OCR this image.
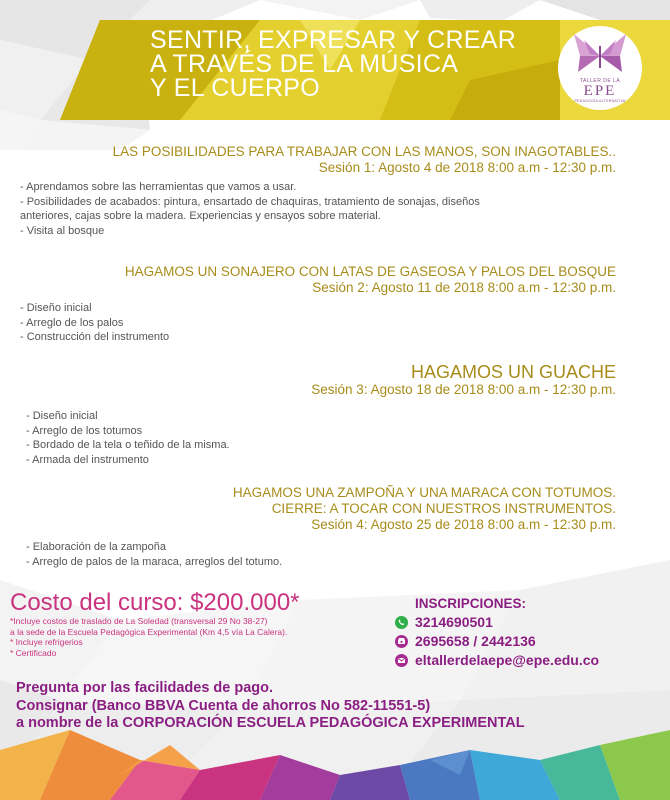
SENTIR, EXPRESAR Y CREAR
A TRAVÉS DE LA MÚSICA
Y EL CUERPO	TALLER DE LA
EPE
PEDAGOGÍA ALTERNATIVA
LAS POSIBILIDADES PARA TRABAJAR CON LAS MANOS, SON INAGOTABLES..
Sesión 1: Agosto 4 de 2018 8:00 a.m - 12:30 p.m.
- Aprendamos sobre las herramientas que vamos a usar.
- Posibilidades de acabados: pintura, ensartado de chaquiras, tratamiento de sonajas, diseños
anteriores, cajas sobre la madera. Experiencias y ensayos sobre material.
- Visita al bosque
HAGAMOS UN SONAJERO CON LATAS DE GASEOSA Y PALOS DEL BOSQUE
Sesión 2: Agosto 11 de 2018 8:00 a.m - 12:30 p.m.
- Diseño inicial
- Arreglo de los palos
- Construcción del instrumento
HAGAMOS UN GUACHE
Sesión 3: Agosto 18 de 2018 8:00 a.m - 12:30 p.m.
- Diseño inicial
- Arreglo de los totumos
- Bordado de la tela o teñido de la misma.
- Armada del instrumento
HAGAMOS UNA ZAMPOÑA Y UNA MARACA CON TOTUMOS.
CIERRE: A TOCAR CON NUESTROS INSTRUMENTOS.
Sesión 4: Agosto 25 de 2018 8:00 a.m - 12:30 p.m.
- Elaboración de la zampoña
- Arreglo de palos de la maraca, arreglos del totumo.
Costo del curso: $200.000*
*Incluye costos de traslado de La Soledad (transversal 29 No 38-27)
a la sede de la Escuela Pedagógica Experimental (Km 4,5 vía La Calera).
* Incluye refrigerios
* Certificado
INSCRIPCIONES:
3214690501
2695658 / 2442136
eltallerdelaepe@epe.edu.co
Pregunta por las facilidades de pago.
Consignar (Banco BBVA Cuenta de ahorros No 582-11551-5)
a nombre de la CORPORACIÓN ESCUELA PEDAGÓGICA EXPERIMENTAL
